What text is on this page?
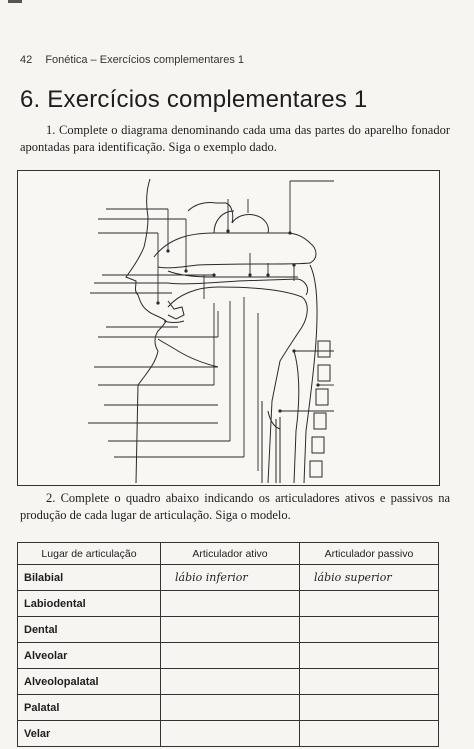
42 Fonética – Exercícios complementares 1
6. Exercícios complementares 1

1. Complete o diagrama denominando cada uma das partes do aparelho fonador apontadas para identificação. Siga o exemplo dado.

2. Complete o quadro abaixo indicando os articuladores ativos e passivos na produção de cada lugar de articulação. Siga o modelo.

Lugar de articulação	Articulador ativo	Articulador passivo
Bilabial	lábio inferior	lábio superior
Labiodental		
Dental		
Alveolar		
Alveolopalatal		
Palatal		
Velar		
